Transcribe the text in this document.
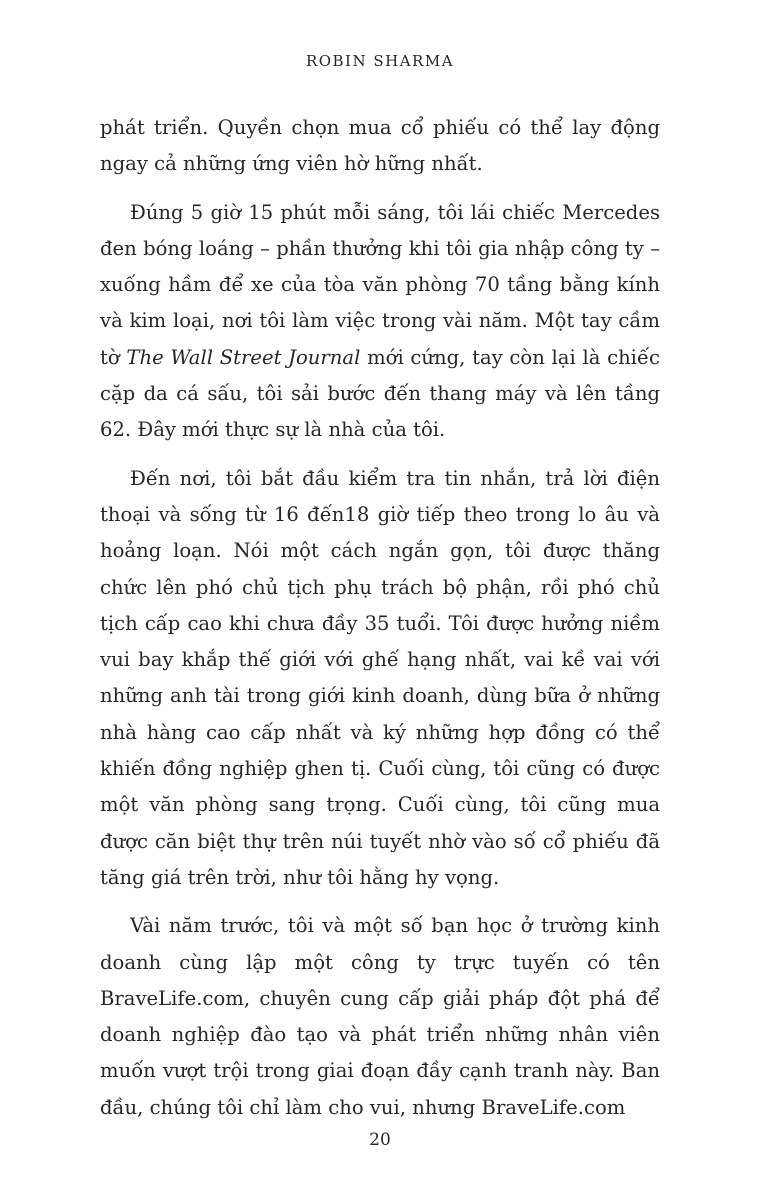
ROBIN SHARMA

phát triển. Quyền chọn mua cổ phiếu có thể lay động ngay cả những ứng viên hờ hững nhất.

Đúng 5 giờ 15 phút mỗi sáng, tôi lái chiếc Mercedes đen bóng loáng – phần thưởng khi tôi gia nhập công ty – xuống hầm để xe của tòa văn phòng 70 tầng bằng kính và kim loại, nơi tôi làm việc trong vài năm. Một tay cầm tờ The Wall Street Journal mới cứng, tay còn lại là chiếc cặp da cá sấu, tôi sải bước đến thang máy và lên tầng 62. Đây mới thực sự là nhà của tôi.

Đến nơi, tôi bắt đầu kiểm tra tin nhắn, trả lời điện thoại và sống từ 16 đến18 giờ tiếp theo trong lo âu và hoảng loạn. Nói một cách ngắn gọn, tôi được thăng chức lên phó chủ tịch phụ trách bộ phận, rồi phó chủ tịch cấp cao khi chưa đầy 35 tuổi. Tôi được hưởng niềm vui bay khắp thế giới với ghế hạng nhất, vai kề vai với những anh tài trong giới kinh doanh, dùng bữa ở những nhà hàng cao cấp nhất và ký những hợp đồng có thể khiến đồng nghiệp ghen tị. Cuối cùng, tôi cũng có được một văn phòng sang trọng. Cuối cùng, tôi cũng mua được căn biệt thự trên núi tuyết nhờ vào số cổ phiếu đã tăng giá trên trời, như tôi hằng hy vọng.

Vài năm trước, tôi và một số bạn học ở trường kinh doanh cùng lập một công ty trực tuyến có tên BraveLife.com, chuyên cung cấp giải pháp đột phá để doanh nghiệp đào tạo và phát triển những nhân viên muốn vượt trội trong giai đoạn đầy cạnh tranh này. Ban đầu, chúng tôi chỉ làm cho vui, nhưng BraveLife.com

20
